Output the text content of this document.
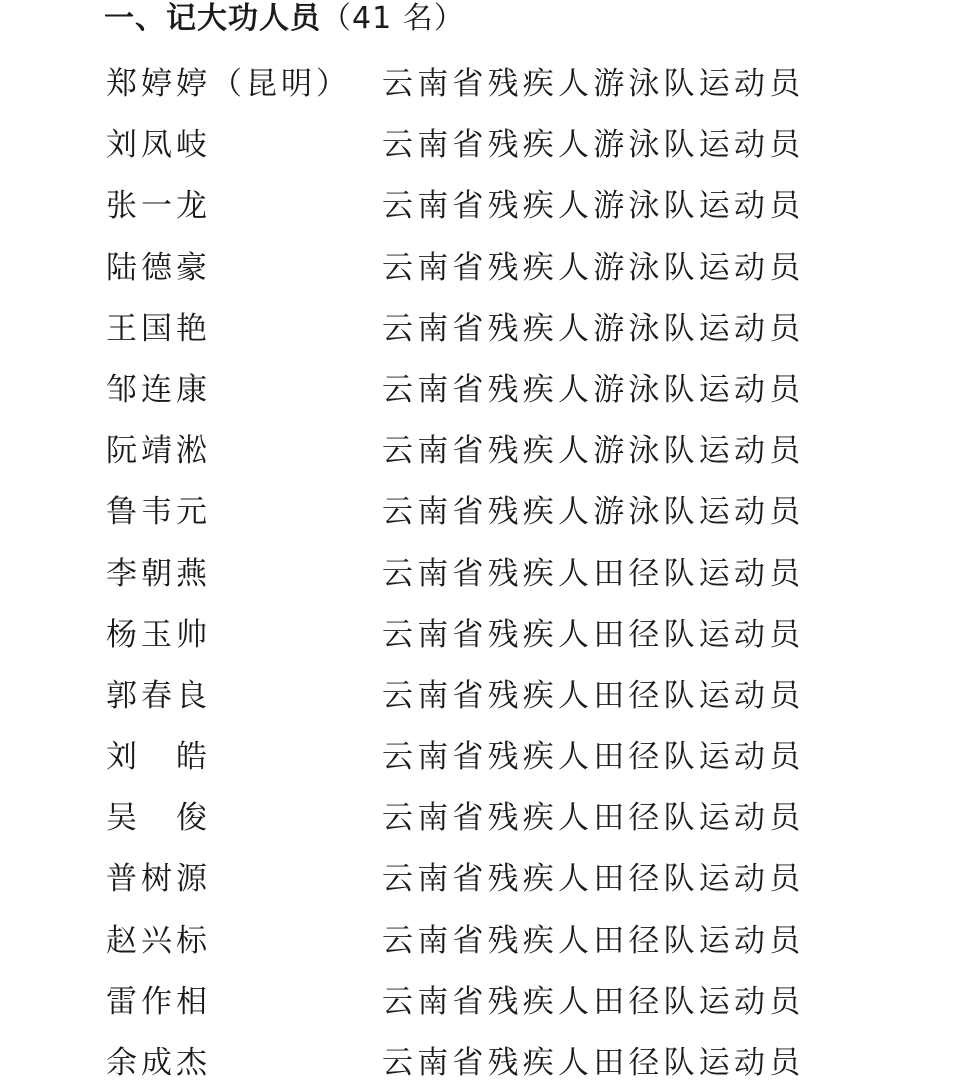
一、记大功人员（41 名）
郑婷婷（昆明） 云南省残疾人游泳队运动员
刘凤岐	云南省残疾人游泳队运动员
张一龙	云南省残疾人游泳队运动员
陆德豪	云南省残疾人游泳队运动员
王国艳	云南省残疾人游泳队运动员
邹连康	云南省残疾人游泳队运动员
阮靖淞	云南省残疾人游泳队运动员
鲁韦元	云南省残疾人游泳队运动员
李朝燕	云南省残疾人田径队运动员
杨玉帅	云南省残疾人田径队运动员
郭春良	云南省残疾人田径队运动员
刘　皓	云南省残疾人田径队运动员
吴　俊	云南省残疾人田径队运动员
普树源	云南省残疾人田径队运动员
赵兴标	云南省残疾人田径队运动员
雷作相	云南省残疾人田径队运动员
余成杰	云南省残疾人田径队运动员
